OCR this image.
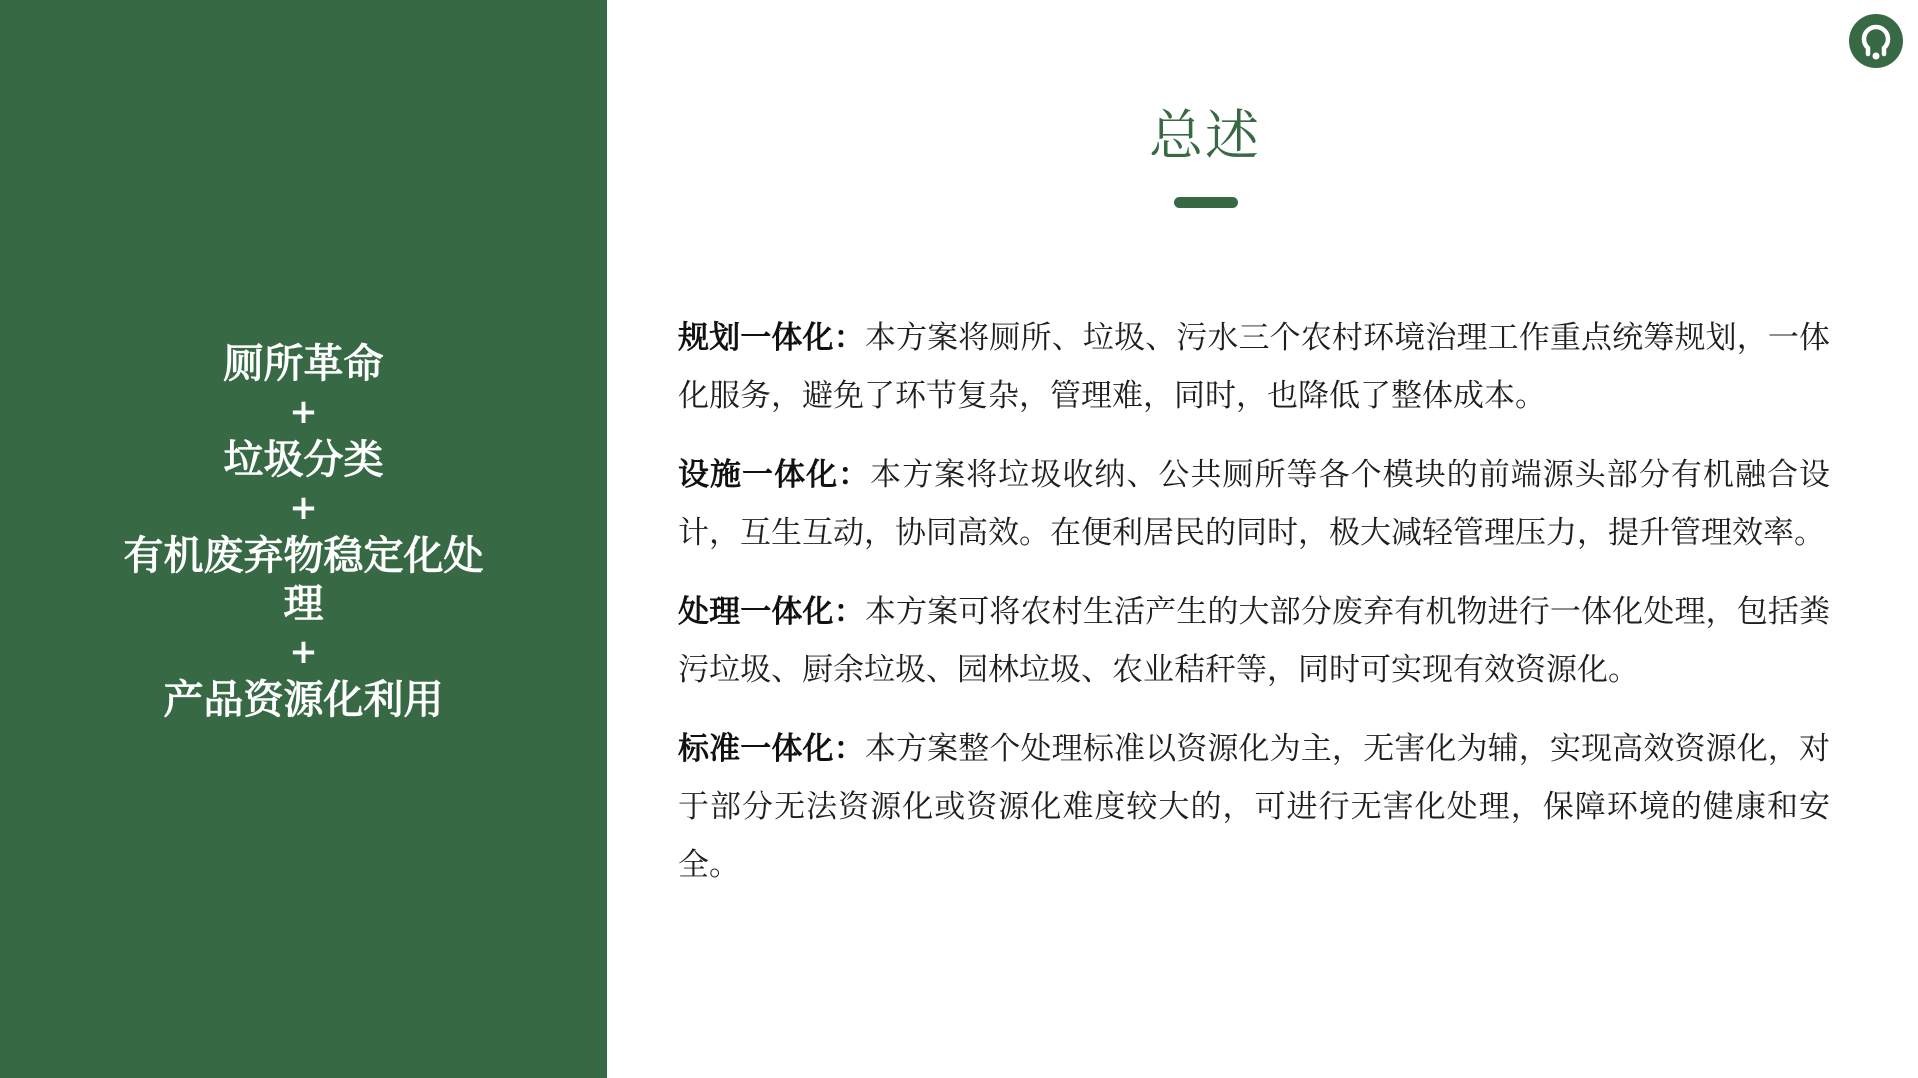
厕所革命
+
垃圾分类
+
有机废弃物稳定化处理
+
产品资源化利用
总述

规划一体化：本方案将厕所、垃圾、污水三个农村环境治理工作重点统筹规划，一体化服务，避免了环节复杂，管理难，同时，也降低了整体成本。

设施一体化：本方案将垃圾收纳、公共厕所等各个模块的前端源头部分有机融合设计，互生互动，协同高效。在便利居民的同时，极大减轻管理压力，提升管理效率。

处理一体化：本方案可将农村生活产生的大部分废弃有机物进行一体化处理，包括粪污垃圾、厨余垃圾、园林垃圾、农业秸秆等，同时可实现有效资源化。

标准一体化：本方案整个处理标准以资源化为主，无害化为辅，实现高效资源化，对于部分无法资源化或资源化难度较大的，可进行无害化处理，保障环境的健康和安全。
